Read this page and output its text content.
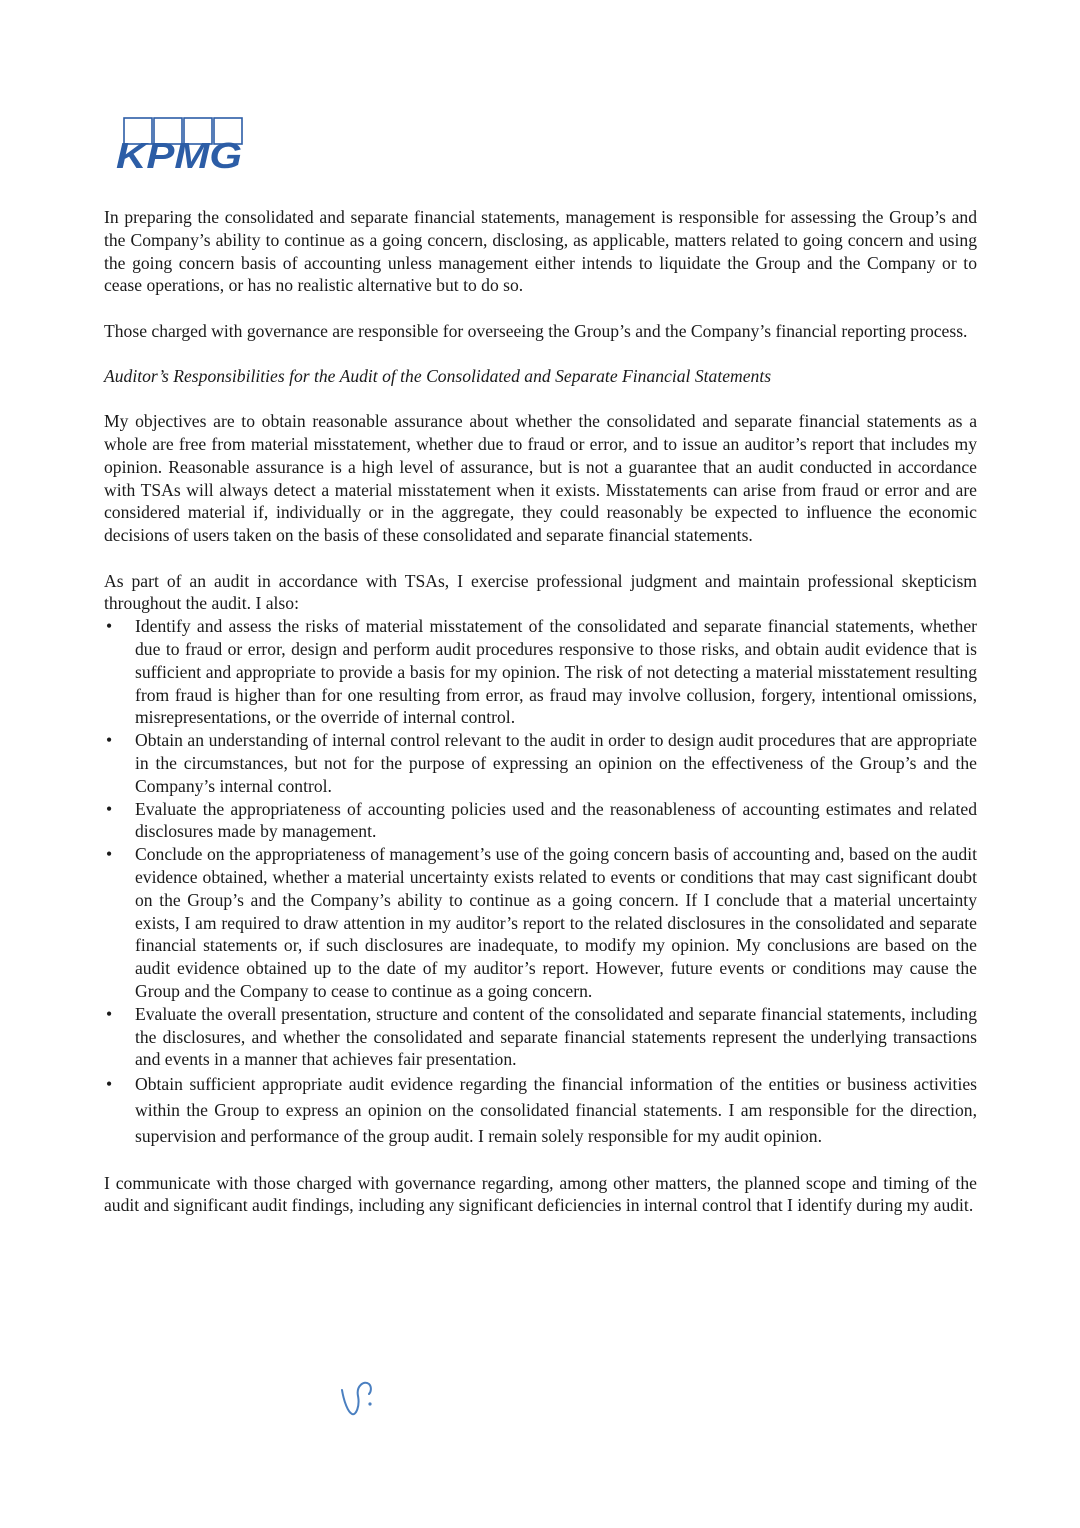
KPMG

In preparing the consolidated and separate financial statements, management is responsible for assessing the Group’s and the Company’s ability to continue as a going concern, disclosing, as applicable, matters related to going concern and using the going concern basis of accounting unless management either intends to liquidate the Group and the Company or to cease operations, or has no realistic alternative but to do so.

Those charged with governance are responsible for overseeing the Group’s and the Company’s financial reporting process.

Auditor’s Responsibilities for the Audit of the Consolidated and Separate Financial Statements

My objectives are to obtain reasonable assurance about whether the consolidated and separate financial statements as a whole are free from material misstatement, whether due to fraud or error, and to issue an auditor’s report that includes my opinion. Reasonable assurance is a high level of assurance, but is not a guarantee that an audit conducted in accordance with TSAs will always detect a material misstatement when it exists. Misstatements can arise from fraud or error and are considered material if, individually or in the aggregate, they could reasonably be expected to influence the economic decisions of users taken on the basis of these consolidated and separate financial statements.

As part of an audit in accordance with TSAs, I exercise professional judgment and maintain professional skepticism throughout the audit. I also:

• Identify and assess the risks of material misstatement of the consolidated and separate financial statements, whether due to fraud or error, design and perform audit procedures responsive to those risks, and obtain audit evidence that is sufficient and appropriate to provide a basis for my opinion. The risk of not detecting a material misstatement resulting from fraud is higher than for one resulting from error, as fraud may involve collusion, forgery, intentional omissions, misrepresentations, or the override of internal control.
• Obtain an understanding of internal control relevant to the audit in order to design audit procedures that are appropriate in the circumstances, but not for the purpose of expressing an opinion on the effectiveness of the Group’s and the Company’s internal control.
• Evaluate the appropriateness of accounting policies used and the reasonableness of accounting estimates and related disclosures made by management.
• Conclude on the appropriateness of management’s use of the going concern basis of accounting and, based on the audit evidence obtained, whether a material uncertainty exists related to events or conditions that may cast significant doubt on the Group’s and the Company’s ability to continue as a going concern. If I conclude that a material uncertainty exists, I am required to draw attention in my auditor’s report to the related disclosures in the consolidated and separate financial statements or, if such disclosures are inadequate, to modify my opinion. My conclusions are based on the audit evidence obtained up to the date of my auditor’s report. However, future events or conditions may cause the Group and the Company to cease to continue as a going concern.
• Evaluate the overall presentation, structure and content of the consolidated and separate financial statements, including the disclosures, and whether the consolidated and separate financial statements represent the underlying transactions and events in a manner that achieves fair presentation.
• Obtain sufficient appropriate audit evidence regarding the financial information of the entities or business activities within the Group to express an opinion on the consolidated financial statements. I am responsible for the direction, supervision and performance of the group audit. I remain solely responsible for my audit opinion.

I communicate with those charged with governance regarding, among other matters, the planned scope and timing of the audit and significant audit findings, including any significant deficiencies in internal control that I identify during my audit.
